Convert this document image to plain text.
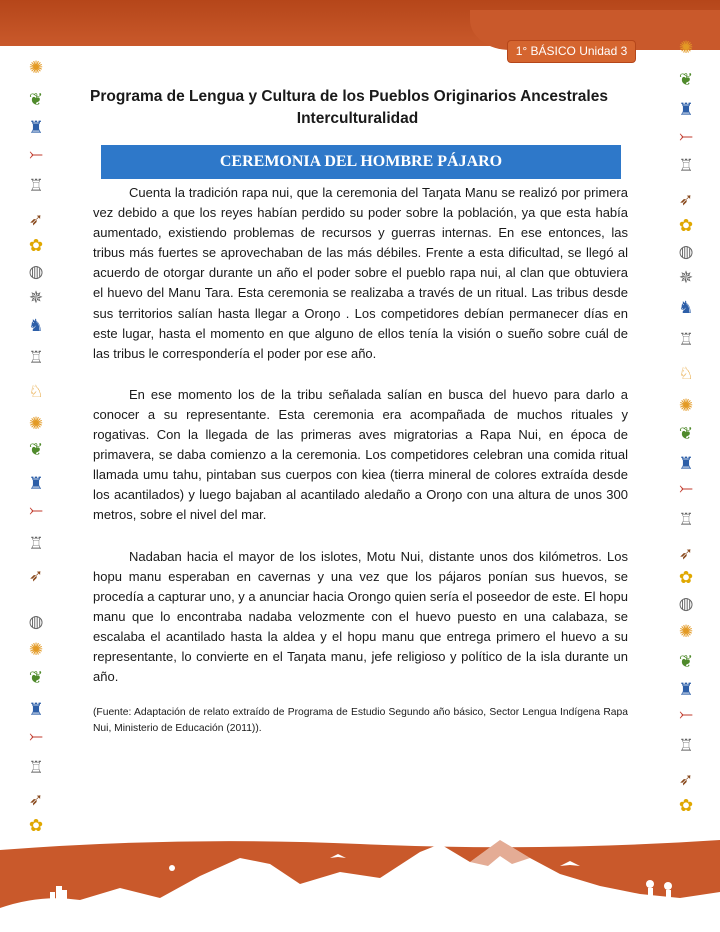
1° BÁSICO Unidad 3
✺
❦
♜
⤚
♖
➶
✿
◍
✵
♞
♖
♘
✺
❦
♜
⤚
♖
➶
◍
✺
❦
♜
⤚
♖
➶
✿
✺
❦
♜
⤚
♖
➶
✿
◍
✵
♞
♖
♘
✺
❦
♜
⤚
♖
➶
✿
◍
✺
❦
♜
⤚
♖
➶
✿
Programa de Lengua y Cultura de los Pueblos Originarios Ancestrales
Interculturalidad
CEREMONIA DEL HOMBRE PÁJARO

Cuenta la tradición rapa nui, que la ceremonia del Taŋata Manu se realizó por primera vez debido a que los reyes habían perdido su poder sobre la población, ya que esta había aumentado, existiendo problemas de recursos y guerras internas. En ese entonces, las tribus más fuertes se aprovechaban de las más débiles. Frente a esta dificultad, se llegó al acuerdo de otorgar durante un año el poder sobre el pueblo rapa nui, al clan que obtuviera el huevo del Manu Tara. Esta ceremonia se realizaba a través de un ritual. Las tribus desde sus territorios salían hasta llegar a Oroŋo . Los competidores debían permanecer días en este lugar, hasta el momento en que alguno de ellos tenía la visión o sueño sobre cuál de las tribus le correspondería el poder por ese año.

En ese momento los de la tribu señalada salían en busca del huevo para darlo a conocer a su representante. Esta ceremonia era acompañada de muchos rituales y rogativas. Con la llegada de las primeras aves migratorias a Rapa Nui, en época de primavera, se daba comienzo a la ceremonia. Los competidores celebran una comida ritual llamada umu tahu, pintaban sus cuerpos con kiea (tierra mineral de colores extraída desde los acantilados) y luego bajaban al acantilado aledaño a Oroŋo con una altura de unos 300 metros, sobre el nivel del mar.

Nadaban hacia el mayor de los islotes, Motu Nui, distante unos dos kilómetros. Los hopu manu esperaban en cavernas y una vez que los pájaros ponían sus huevos, se procedía a capturar uno, y a anunciar hacia Orongo quien sería el poseedor de este. El hopu manu que lo encontraba nadaba velozmente con el huevo puesto en una calabaza, se escalaba el acantilado hasta la aldea y el hopu manu que entrega primero el huevo a su representante, lo convierte en el Taŋata manu, jefe religioso y político de la isla durante un año.

(Fuente: Adaptación de relato extraído de Programa de Estudio Segundo año básico, Sector Lengua Indígena Rapa Nui, Ministerio de Educación (2011)).
